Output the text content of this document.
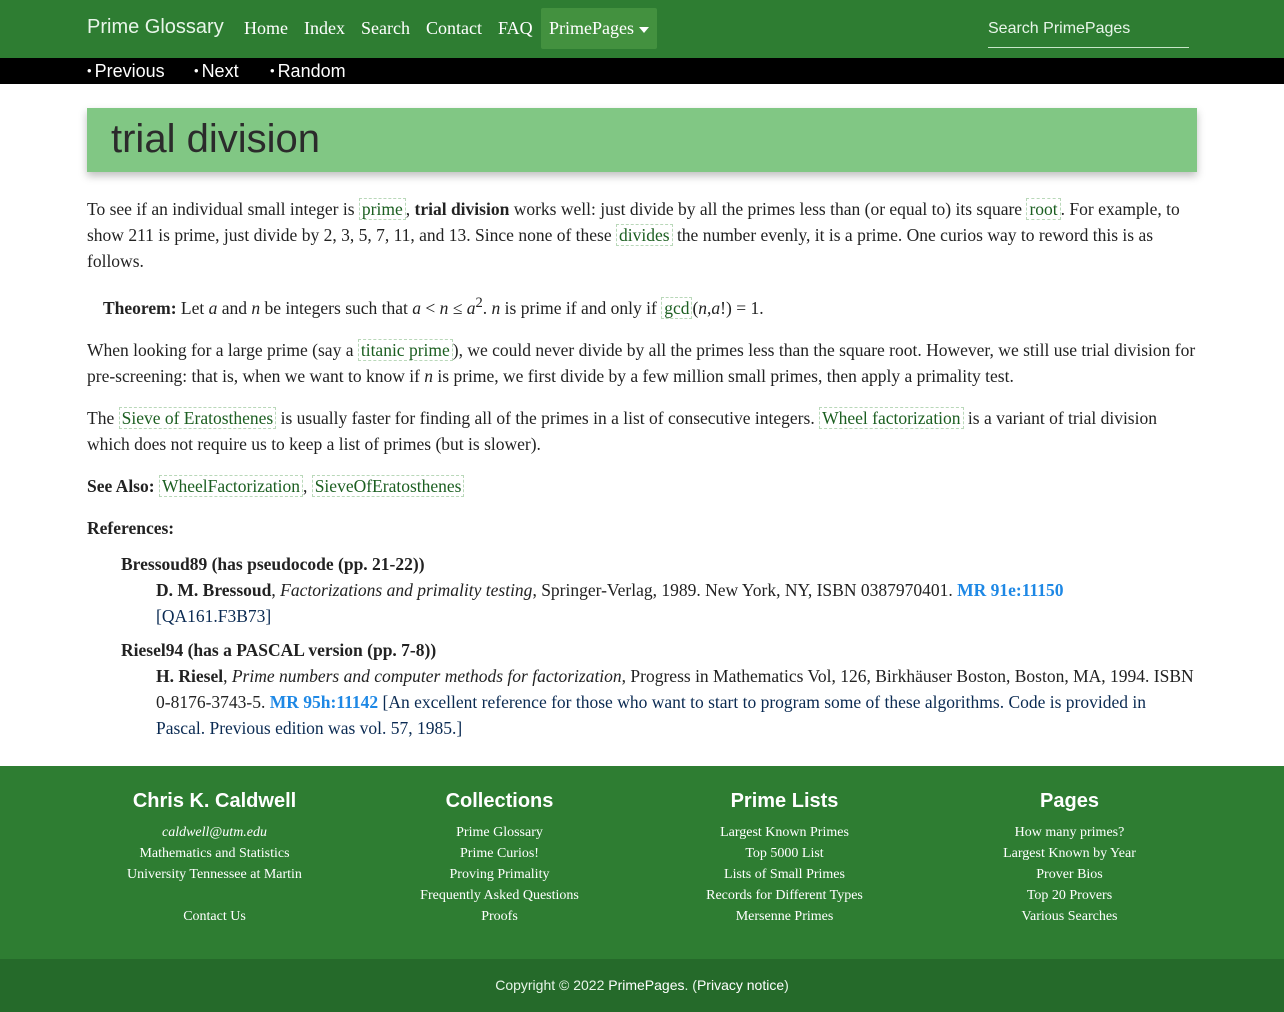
Prime Glossary Home Index Search Contact FAQ PrimePages
Search PrimePages
• Previous • Next • Random
trial division

To see if an individual small integer is prime , trial division works well: just divide by all the primes less than (or equal to) its square root . For example, to show 211 is prime, just divide by 2, 3, 5, 7, 11, and 13. Since none of these divides the number evenly, it is a prime. One curios way to reword this is as follows.

Theorem: Let a and n be integers such that $a < n \le a^2$. n is prime if and only if gcd (n,a!) = 1.

When looking for a large prime (say a titanic prime ), we could never divide by all the primes less than the square root. However, we still use trial division for pre-screening: that is, when we want to know if n is prime, we first divide by a few million small primes, then apply a primality test.

The Sieve of Eratosthenes is usually faster for finding all of the primes in a list of consecutive integers. Wheel factorization is a variant of trial division which does not require us to keep a list of primes (but is slower).

See Also: WheelFactorization , SieveOfEratosthenes

References:

Bressoud89 (has pseudocode (pp. 21-22))
D. M. Bressoud, Factorizations and primality testing, Springer-Verlag, 1989. New York, NY, ISBN 0387970401. MR 91e:11150
[QA161.F3B73]
Riesel94 (has a PASCAL version (pp. 7-8))
H. Riesel, Prime numbers and computer methods for factorization, Progress in Mathematics Vol, 126, Birkhäuser Boston, Boston, MA, 1994. ISBN 0-8176-3743-5. MR 95h:11142 [An excellent reference for those who want to start to program some of these algorithms. Code is provided in Pascal. Previous edition was vol. 57, 1985.]
Chris K. Caldwell
caldwell@utm.edu
Mathematics and Statistics
University Tennessee at Martin
Contact Us
Collections
Prime Glossary
Prime Curios!
Proving Primality
Frequently Asked Questions
Proofs
Prime Lists
Largest Known Primes
Top 5000 List
Lists of Small Primes
Records for Different Types
Mersenne Primes
Pages
How many primes?
Largest Known by Year
Prover Bios
Top 20 Provers
Various Searches
Copyright © 2022 PrimePages. (Privacy notice)
